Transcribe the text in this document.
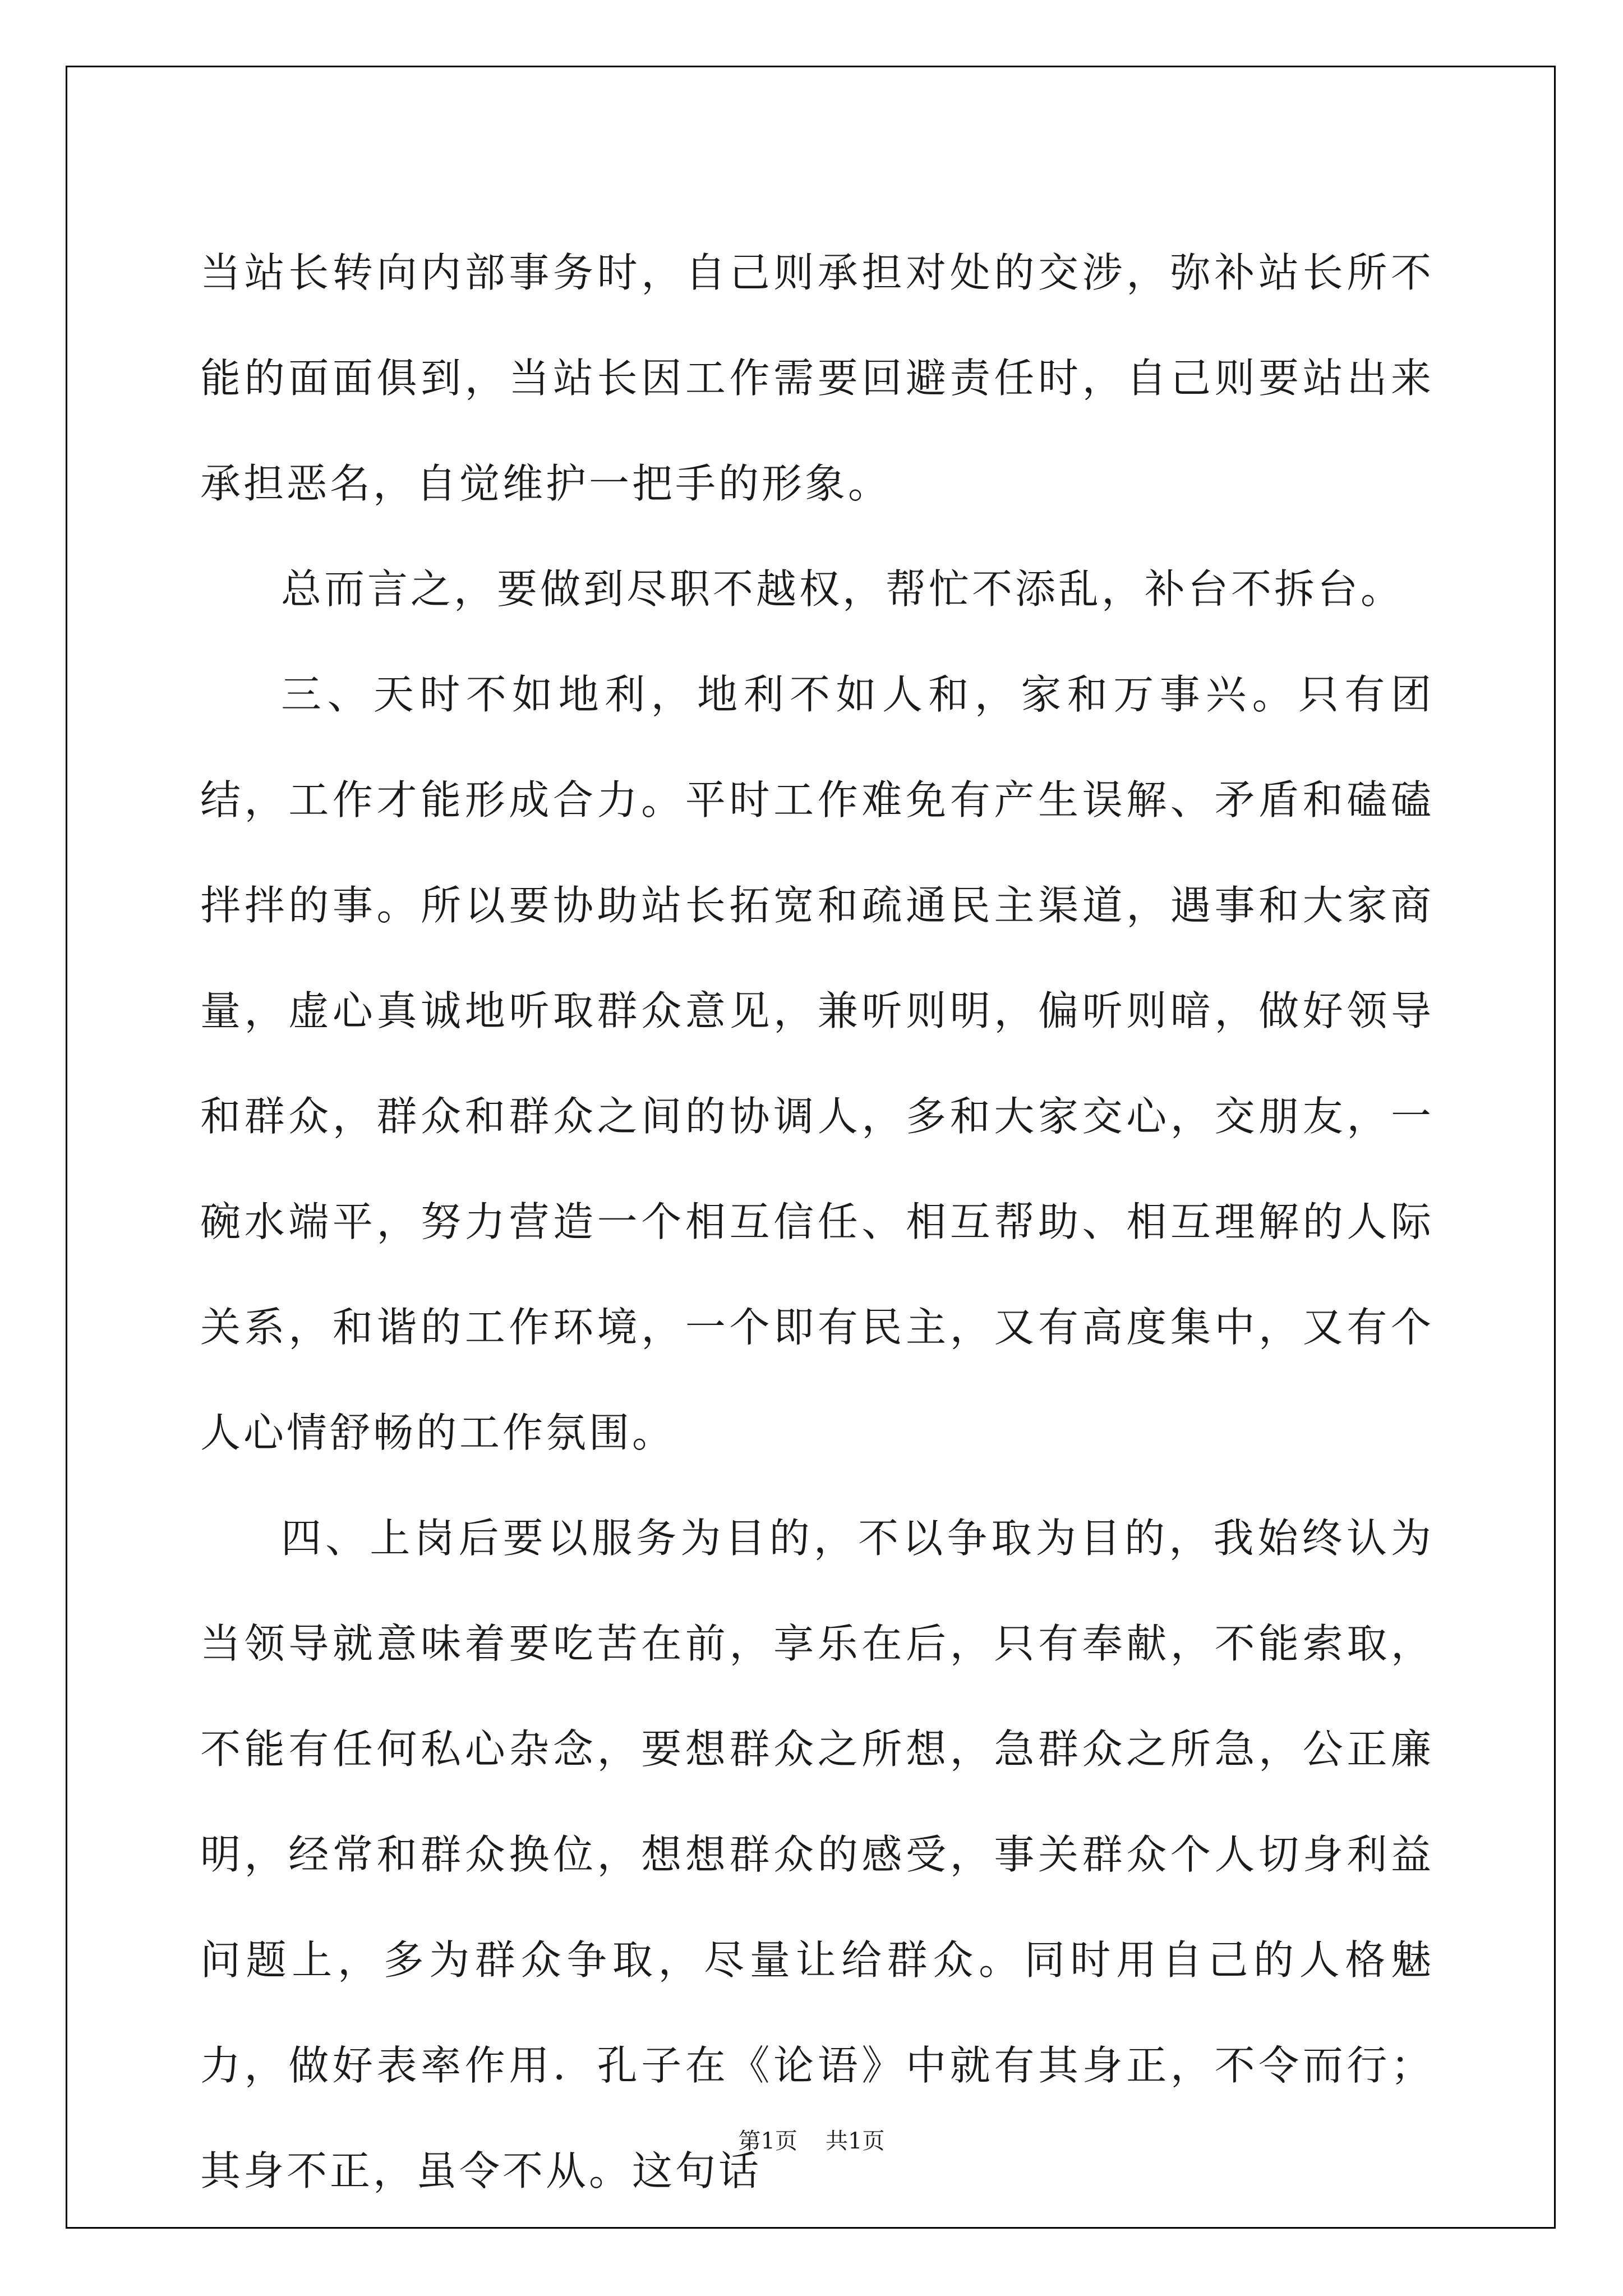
当站长转向内部事务时，自己则承担对处的交涉，弥补站长所不能的面面俱到，当站长因工作需要回避责任时，自己则要站出来承担恶名，自觉维护一把手的形象。

总而言之，要做到尽职不越权，帮忙不添乱，补台不拆台。

三、天时不如地利，地利不如人和，家和万事兴。只有团结，工作才能形成合力。平时工作难免有产生误解、矛盾和磕磕拌拌的事。所以要协助站长拓宽和疏通民主渠道，遇事和大家商量，虚心真诚地听取群众意见，兼听则明，偏听则暗，做好领导和群众，群众和群众之间的协调人，多和大家交心，交朋友，一碗水端平，努力营造一个相互信任、相互帮助、相互理解的人际关系，和谐的工作环境，一个即有民主，又有高度集中，又有个人心情舒畅的工作氛围。

四、上岗后要以服务为目的，不以争取为目的，我始终认为当领导就意味着要吃苦在前，享乐在后，只有奉献，不能索取，不能有任何私心杂念，要想群众之所想，急群众之所急，公正廉明，经常和群众换位，想想群众的感受，事关群众个人切身利益问题上，多为群众争取，尽量让给群众。同时用自己的人格魅力，做好表率作用．孔子在《论语》中就有其身正，不令而行；其身不正，虽令不从。这句话

第1页 共1页
